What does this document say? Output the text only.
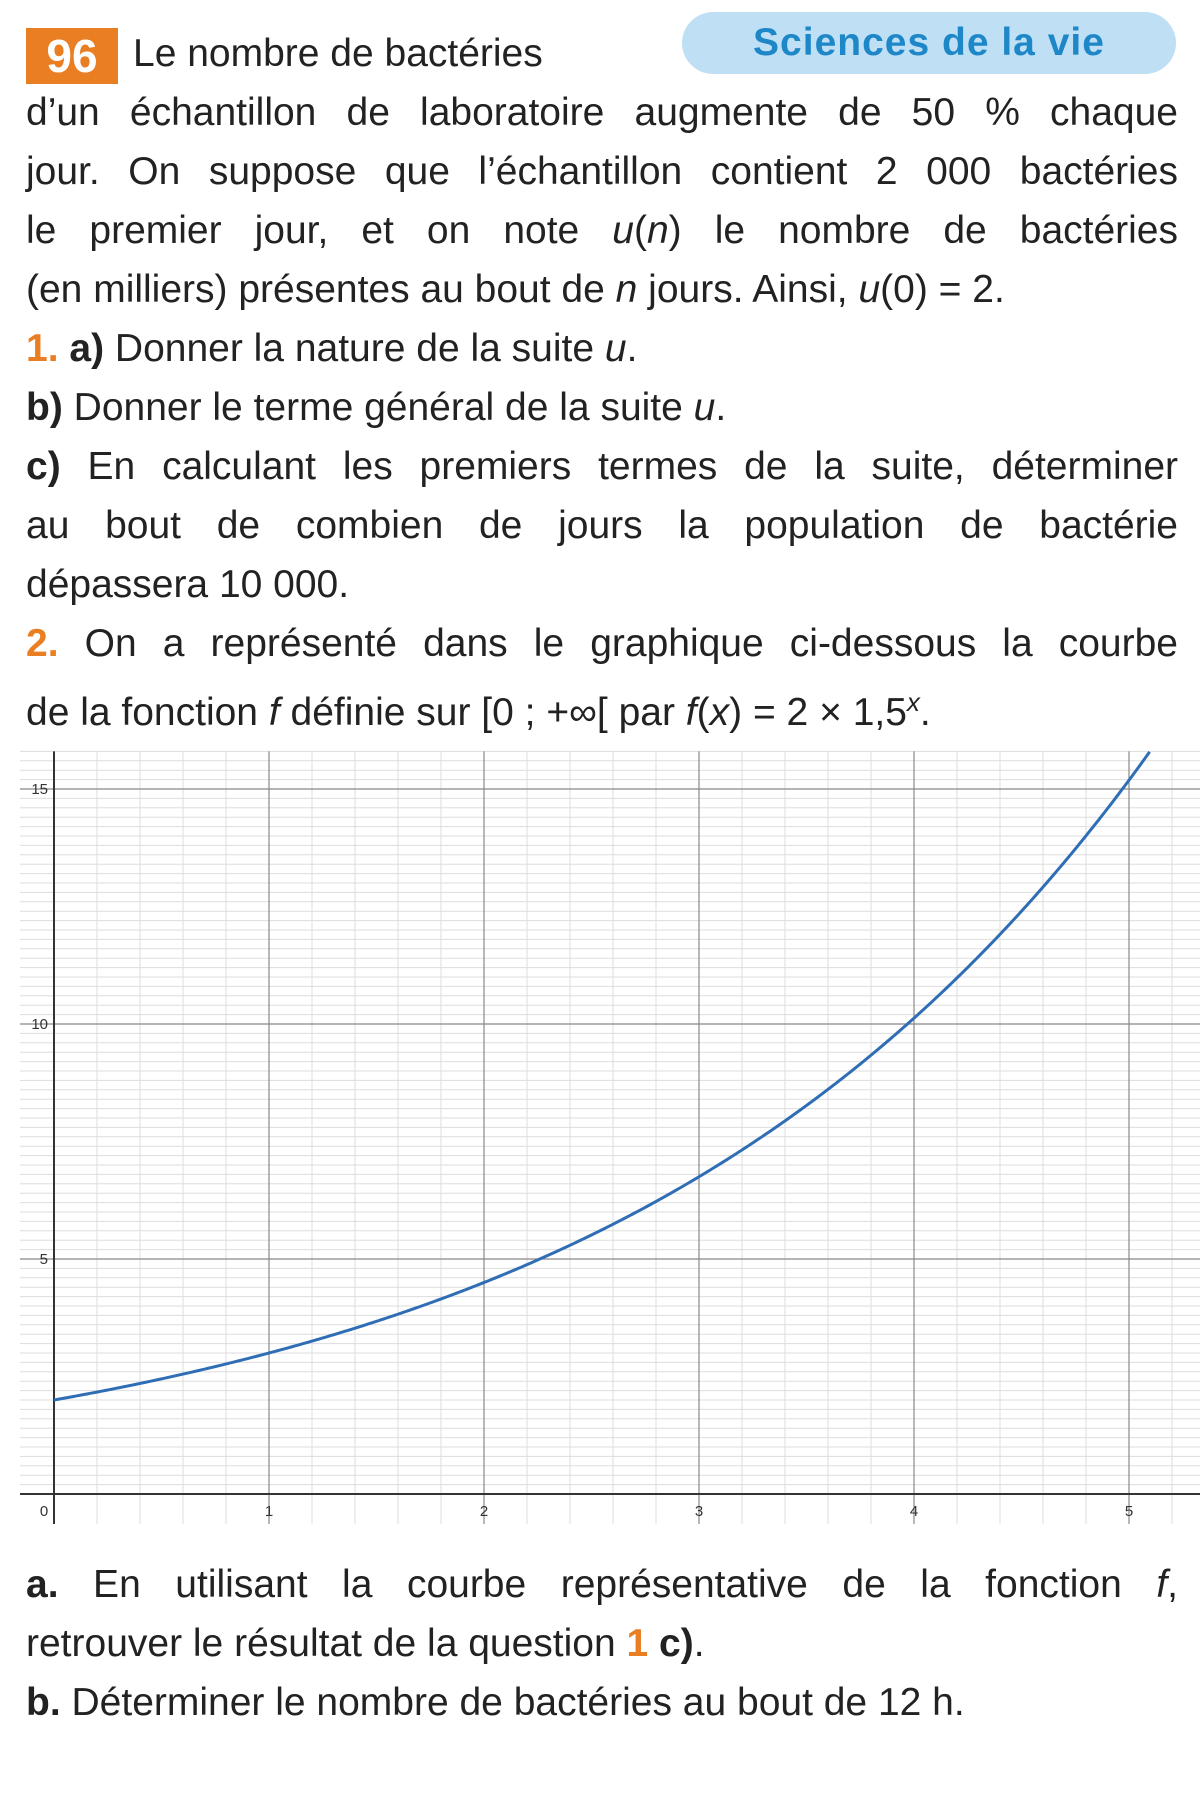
96	Sciences de la vie
Le nombre de bactéries
d’un échantillon de laboratoire augmente de 50 % chaque
jour. On suppose que l’échantillon contient 2 000 bactéries
le premier jour, et on note u(n) le nombre de bactéries
(en milliers) présentes au bout de n jours. Ainsi, u(0) = 2.
1. a) Donner la nature de la suite u.
b) Donner le terme général de la suite u.
c) En calculant les premiers termes de la suite, déterminer
au bout de combien de jours la population de bactérie
dépassera 10 000.
2. On a représenté dans le graphique ci-dessous la courbe
de la fonction f définie sur [0 ; +∞[ par $f(x) = 2 \times 1,5^x$.
0	1	2	3	4	5
5
10
15
a. En utilisant la courbe représentative de la fonction f,
retrouver le résultat de la question 1 c).
b. Déterminer le nombre de bactéries au bout de 12 h.
